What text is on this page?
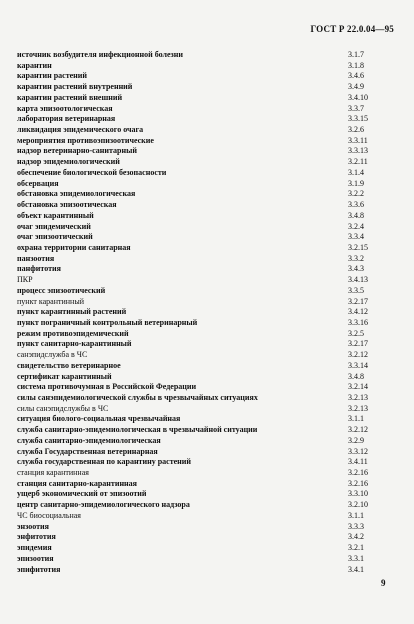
ГОСТ Р 22.0.04—95
источник возбудителя инфекционной болезни	3.1.7
карантин	3.1.8
карантин растений	3.4.6
карантин растений внутренний	3.4.9
карантин растений внешний	3.4.10
карта эпизоотологическая	3.3.7
лаборатория ветеринарная	3.3.15
ликвидация эпидемического очага	3.2.6
мероприятия противоэпизоотические	3.3.11
надзор ветеринарно-санитарный	3.3.13
надзор эпидемиологический	3.2.11
обеспечение биологической безопасности	3.1.4
обсервация	3.1.9
обстановка эпидемиологическая	3.2.2
обстановка эпизоотическая	3.3.6
объект карантинный	3.4.8
очаг эпидемический	3.2.4
очаг эпизоотический	3.3.4
охрана территории санитарная	3.2.15
панзоотия	3.3.2
панфитотия	3.4.3
ПКР	3.4.13
процесс эпизоотический	3.3.5
пункт карантинный	3.2.17
пункт карантинный растений	3.4.12
пункт пограничный контрольный ветеринарный	3.3.16
режим противоэпидемический	3.2.5
пункт санитарно-карантинный	3.2.17
санэпидслужба в ЧС	3.2.12
свидетельство ветеринарное	3.3.14
сертификат карантинный	3.4.8
система противочумная в Российской Федерации	3.2.14
силы санэпидемиологической службы в чрезвычайных ситуациях	3.2.13
силы санэпидслужбы в ЧС	3.2.13
ситуация биолого-социальная чрезвычайная	3.1.1
служба санитарно-эпидемиологическая в чрезвычайной ситуации	3.2.12
служба санитарно-эпидемиологическая	3.2.9
служба Государственная ветеринарная	3.3.12
служба государственная по карантину растений	3.4.11
станция карантинная	3.2.16
станция санитарно-карантинная	3.2.16
ущерб экономический от эпизоотий	3.3.10
центр санитарно-эпидемиологического надзора	3.2.10
ЧС биосоциальная	3.1.1
энзоотия	3.3.3
энфитотия	3.4.2
эпидемия	3.2.1
эпизоотия	3.3.1
эпифитотия	3.4.1
9
